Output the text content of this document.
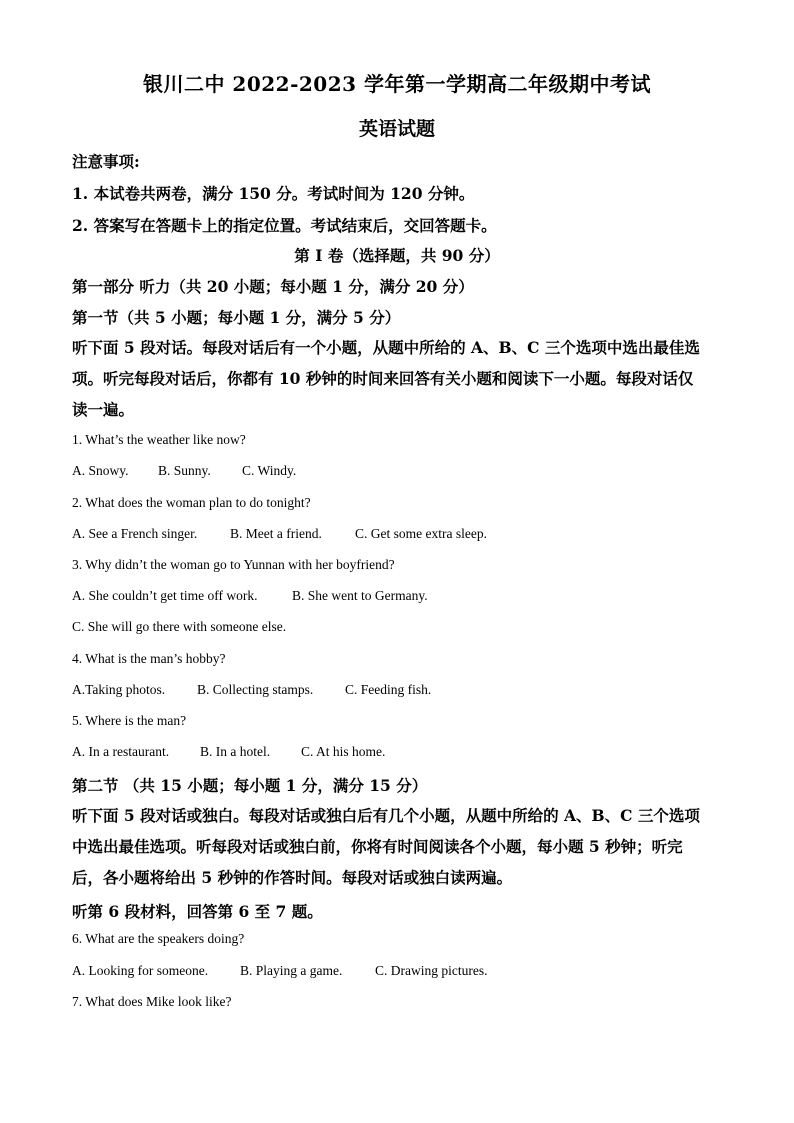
银川二中 2022-2023 学年第一学期高二年级期中考试
英语试题
注意事项:
1. 本试卷共两卷，满分 150 分。考试时间为 120 分钟。
2. 答案写在答题卡上的指定位置。考试结束后，交回答题卡。
第 I 卷（选择题，共 90 分）
第一部分 听力（共 20 小题；每小题 1 分，满分 20 分）
第一节（共 5 小题；每小题 1 分，满分 5 分）
听下面 5 段对话。每段对话后有一个小题，从题中所给的 A、B、C 三个选项中选出最佳选
项。听完每段对话后，你都有 10 秒钟的时间来回答有关小题和阅读下一小题。每段对话仅
读一遍。
1. What’s the weather like now?
A. Snowy. B. Sunny. C. Windy.
2. What does the woman plan to do tonight?
A. See a French singer. B. Meet a friend. C. Get some extra sleep.
3. Why didn’t the woman go to Yunnan with her boyfriend?
A. She couldn’t get time off work.	B. She went to Germany.
C. She will go there with someone else.
4. What is the man’s hobby?
A.Taking photos. B. Collecting stamps. C. Feeding fish.
5. Where is the man?
A. In a restaurant. B. In a hotel. C. At his home.
第二节 （共 15 小题；每小题 1 分，满分 15 分）
听下面 5 段对话或独白。每段对话或独白后有几个小题，从题中所给的 A、B、C 三个选项
中选出最佳选项。听每段对话或独白前，你将有时间阅读各个小题，每小题 5 秒钟；听完
后，各小题将给出 5 秒钟的作答时间。每段对话或独白读两遍。
听第 6 段材料，回答第 6 至 7 题。
6. What are the speakers doing?
A. Looking for someone. B. Playing a game. C. Drawing pictures.
7. What does Mike look like?
